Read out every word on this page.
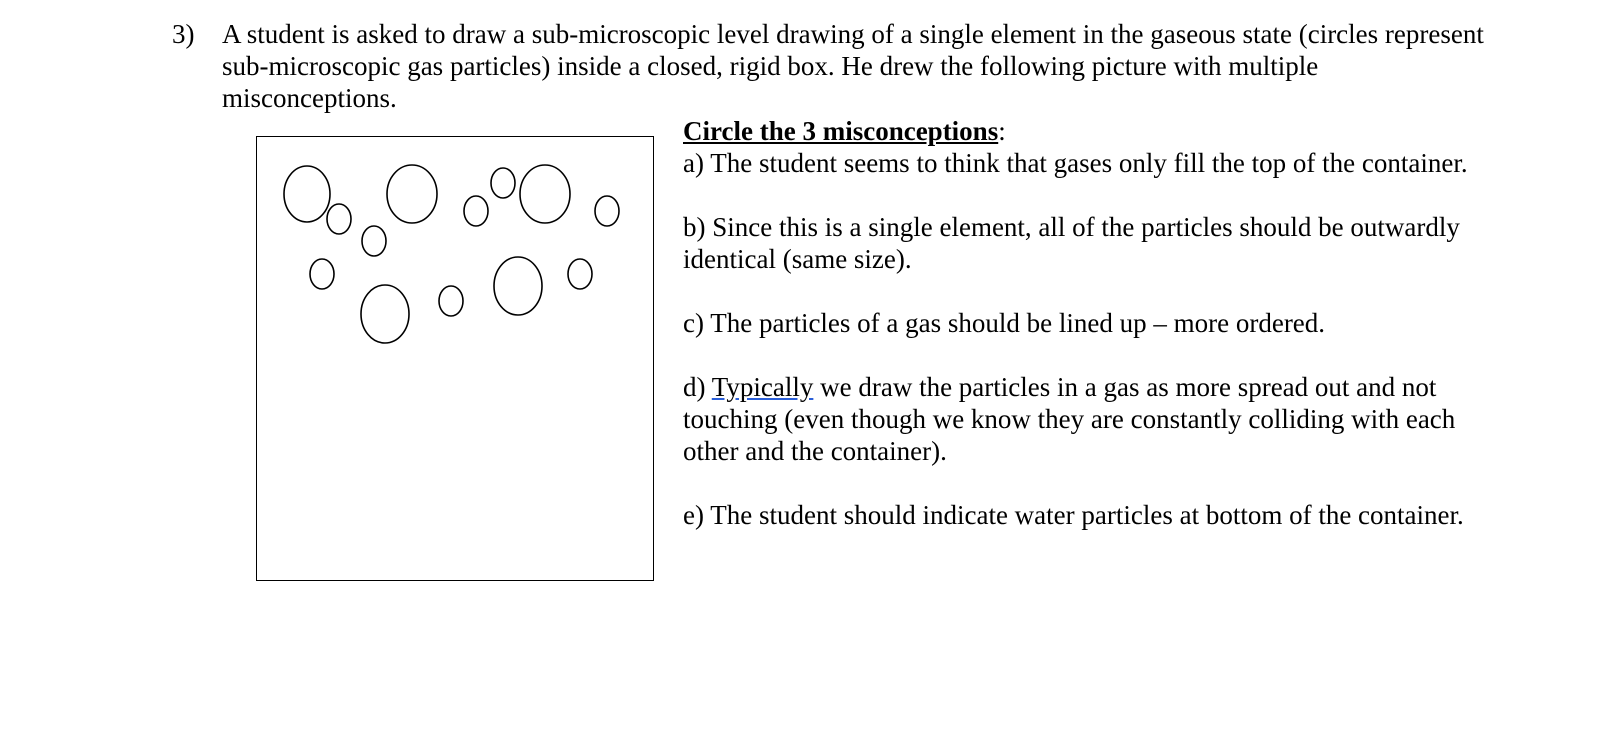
3) A student is asked to draw a sub-microscopic level drawing of a single element in the gaseous state (circles represent
sub-microscopic gas particles) inside a closed, rigid box. He drew the following picture with multiple
misconceptions.
Circle the 3 misconceptions:
a) The student seems to think that gases only fill the top of the container.
b) Since this is a single element, all of the particles should be outwardly
identical (same size).
c) The particles of a gas should be lined up – more ordered.
d) Typically we draw the particles in a gas as more spread out and not
touching (even though we know they are constantly colliding with each
other and the container).
e) The student should indicate water particles at bottom of the container.
